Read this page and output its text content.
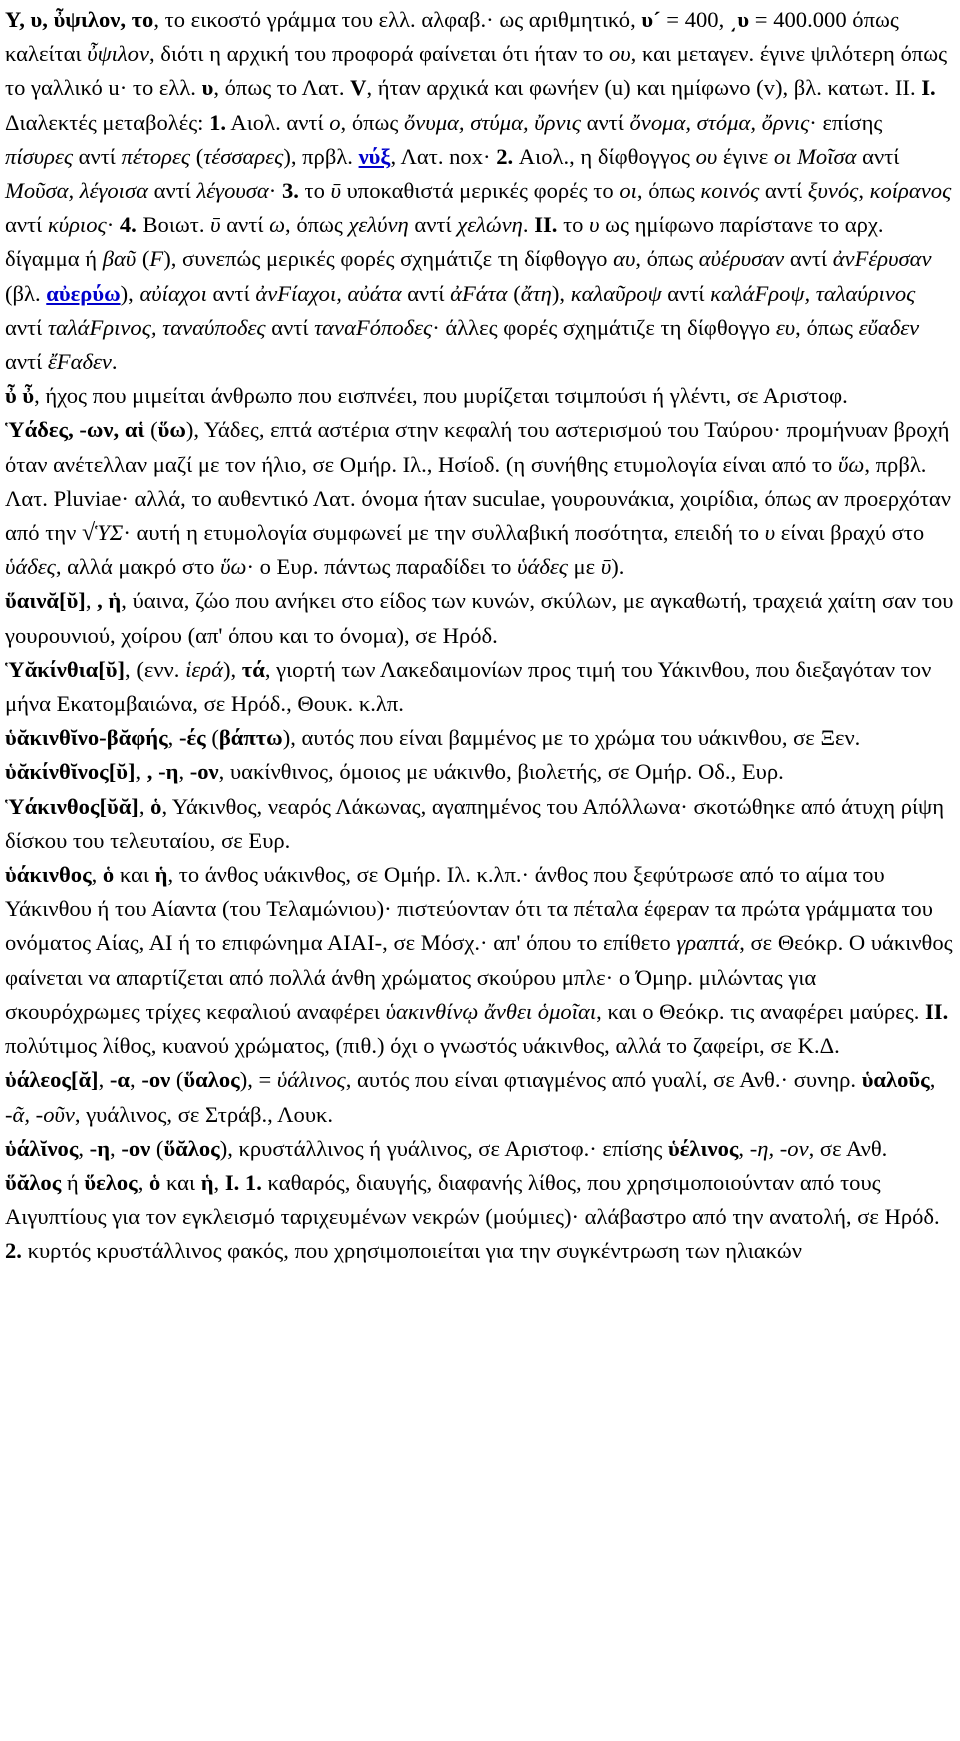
Υ, υ, ὖψιλον, το, το εικοστό γράμμα του ελλ. αλφαβ.· ως αριθμητικό, υ´ = 400, ͵υ = 400.000 όπως καλείται ὖψιλον, διότι η αρχική του προφορά φαίνεται ότι ήταν το ου, και μεταγεν. έγινε ψιλότερη όπως το γαλλικό u· το ελλ. υ, όπως το Λατ. V, ήταν αρχικά και φωνήεν (u) και ημίφωνο (v), βλ. κατωτ. II. I. Διαλεκτές μεταβολές: 1. Αιολ. αντί ο, όπως ὄνυμα, στύμα, ὔρνις αντί ὄνομα, στόμα, ὄρνις· επίσης πίσυρες αντί πέτορες (τέσσαρες), πρβλ. νύξ, Λατ. nox· 2. Αιολ., η δίφθογγος ου έγινε οι Μοῖσα αντί Μοῦσα, λέγοισα αντί λέγουσα· 3. το ῡ υποκαθιστά μερικές φορές το οι, όπως κοινός αντί ξυνός, κοίρανος αντί κύριος· 4. Βοιωτ. ῡ αντί ω, όπως χελύνη αντί χελώνη. II. το υ ως ημίφωνο παρίστανε το αρχ. δίγαμμα ή βαῦ (F), συνεπώς μερικές φορές σχημάτιζε τη δίφθογγο αυ, όπως αὐέρυσαν αντί ἀνFέρυσαν (βλ. αὐερύω), αὐίαχοι αντί ἀνFίαχοι, αὐάτα αντί ἀFάτα (ἄτη), καλαῦροψ αντί καλάFροψ, ταλαύρινος αντί ταλάFρινος, ταναύποδες αντί ταναFόποδες· άλλες φορές σχημάτιζε τη δίφθογγο ευ, όπως εὔαδεν αντί ἔFαδεν.

ὖ ὖ, ήχος που μιμείται άνθρωπο που εισπνέει, που μυρίζεται τσιμπούσι ή γλέντι, σε Αριστοφ.

Ὑάδες, -ων, αἱ (ὕω), Υάδες, επτά αστέρια στην κεφαλή του αστερισμού του Ταύρου· προμήνυαν βροχή όταν ανέτελλαν μαζί με τον ήλιο, σε Ομήρ. Ιλ., Ησίοδ. (η συνήθης ετυμολογία είναι από το ὕω, πρβλ. Λατ. Pluviae· αλλά, το αυθεντικό Λατ. όνομα ήταν suculae, γουρουνάκια, χοιρίδια, όπως αν προερχόταν από την √ὙΣ· αυτή η ετυμολογία συμφωνεί με την συλλαβική ποσότητα, επειδή το υ είναι βραχύ στο ὑάδες, αλλά μακρό στο ὕω· ο Ευρ. πάντως παραδίδει το ὑάδες με ῡ).

ὕαινᾰ[ῠ], , ἡ, ύαινα, ζώο που ανήκει στο είδος των κυνών, σκύλων, με αγκαθωτή, τραχειά χαίτη σαν του γουρουνιού, χοίρου (απ' όπου και το όνομα), σε Ηρόδ.

Ὑᾰκίνθια[ῠ], (ενν. ἱερά), τά, γιορτή των Λακεδαιμονίων προς τιμή του Υάκινθου, που διεξαγόταν τον μήνα Εκατομβαιώνα, σε Ηρόδ., Θουκ. κ.λπ.

ὑᾰκινθῐνο-βᾰφής, -ές (βάπτω), αυτός που είναι βαμμένος με το χρώμα του υάκινθου, σε Ξεν.

ὑᾰκίνθῐνος[ῠ], , -η, -ον, υακίνθινος, όμοιος με υάκινθο, βιολετής, σε Ομήρ. Οδ., Ευρ.

Ὑάκινθος[ῠᾰ], ὁ, Υάκινθος, νεαρός Λάκωνας, αγαπημένος του Απόλλωνα· σκοτώθηκε από άτυχη ρίψη δίσκου του τελευταίου, σε Ευρ.

ὑάκινθος, ὁ και ἡ, το άνθος υάκινθος, σε Ομήρ. Ιλ. κ.λπ.· άνθος που ξεφύτρωσε από το αίμα του Υάκινθου ή του Αίαντα (του Τελαμώνιου)· πιστεύονταν ότι τα πέταλα έφεραν τα πρώτα γράμματα του ονόματος Αίας, ΑΙ ή το επιφώνημα ΑΙΑΙ-, σε Μόσχ.· απ' όπου το επίθετο γραπτά, σε Θεόκρ. Ο υάκινθος φαίνεται να απαρτίζεται από πολλά άνθη χρώματος σκούρου μπλε· ο Όμηρ. μιλώντας για σκουρόχρωμες τρίχες κεφαλιού αναφέρει ὑακινθίνῳ ἄνθει ὁμοῖαι, και ο Θεόκρ. τις αναφέρει μαύρες. II. πολύτιμος λίθος, κυανού χρώματος, (πιθ.) όχι ο γνωστός υάκινθος, αλλά το ζαφείρι, σε Κ.Δ.

ὑάλεος[ᾰ], -α, -ον (ὕαλος), = ὑάλινος, αυτός που είναι φτιαγμένος από γυαλί, σε Ανθ.· συνηρ. ὑαλοῦς, -ᾶ, -οῦν, γυάλινος, σε Στράβ., Λουκ.

ὑάλῐνος, -η, -ον (ὕᾰλος), κρυστάλλινος ή γυάλινος, σε Αριστοφ.· επίσης ὑέλινος, -η, -ον, σε Ανθ.

ὕᾰλος ή ὕελος, ὁ και ἡ, I. 1. καθαρός, διαυγής, διαφανής λίθος, που χρησιμοποιούνταν από τους Αιγυπτίους για τον εγκλεισμό ταριχευμένων νεκρών (μούμιες)· αλάβαστρο από την ανατολή, σε Ηρόδ. 2. κυρτός κρυστάλλινος φακός, που χρησιμοποιείται για την συγκέντρωση των ηλιακών
